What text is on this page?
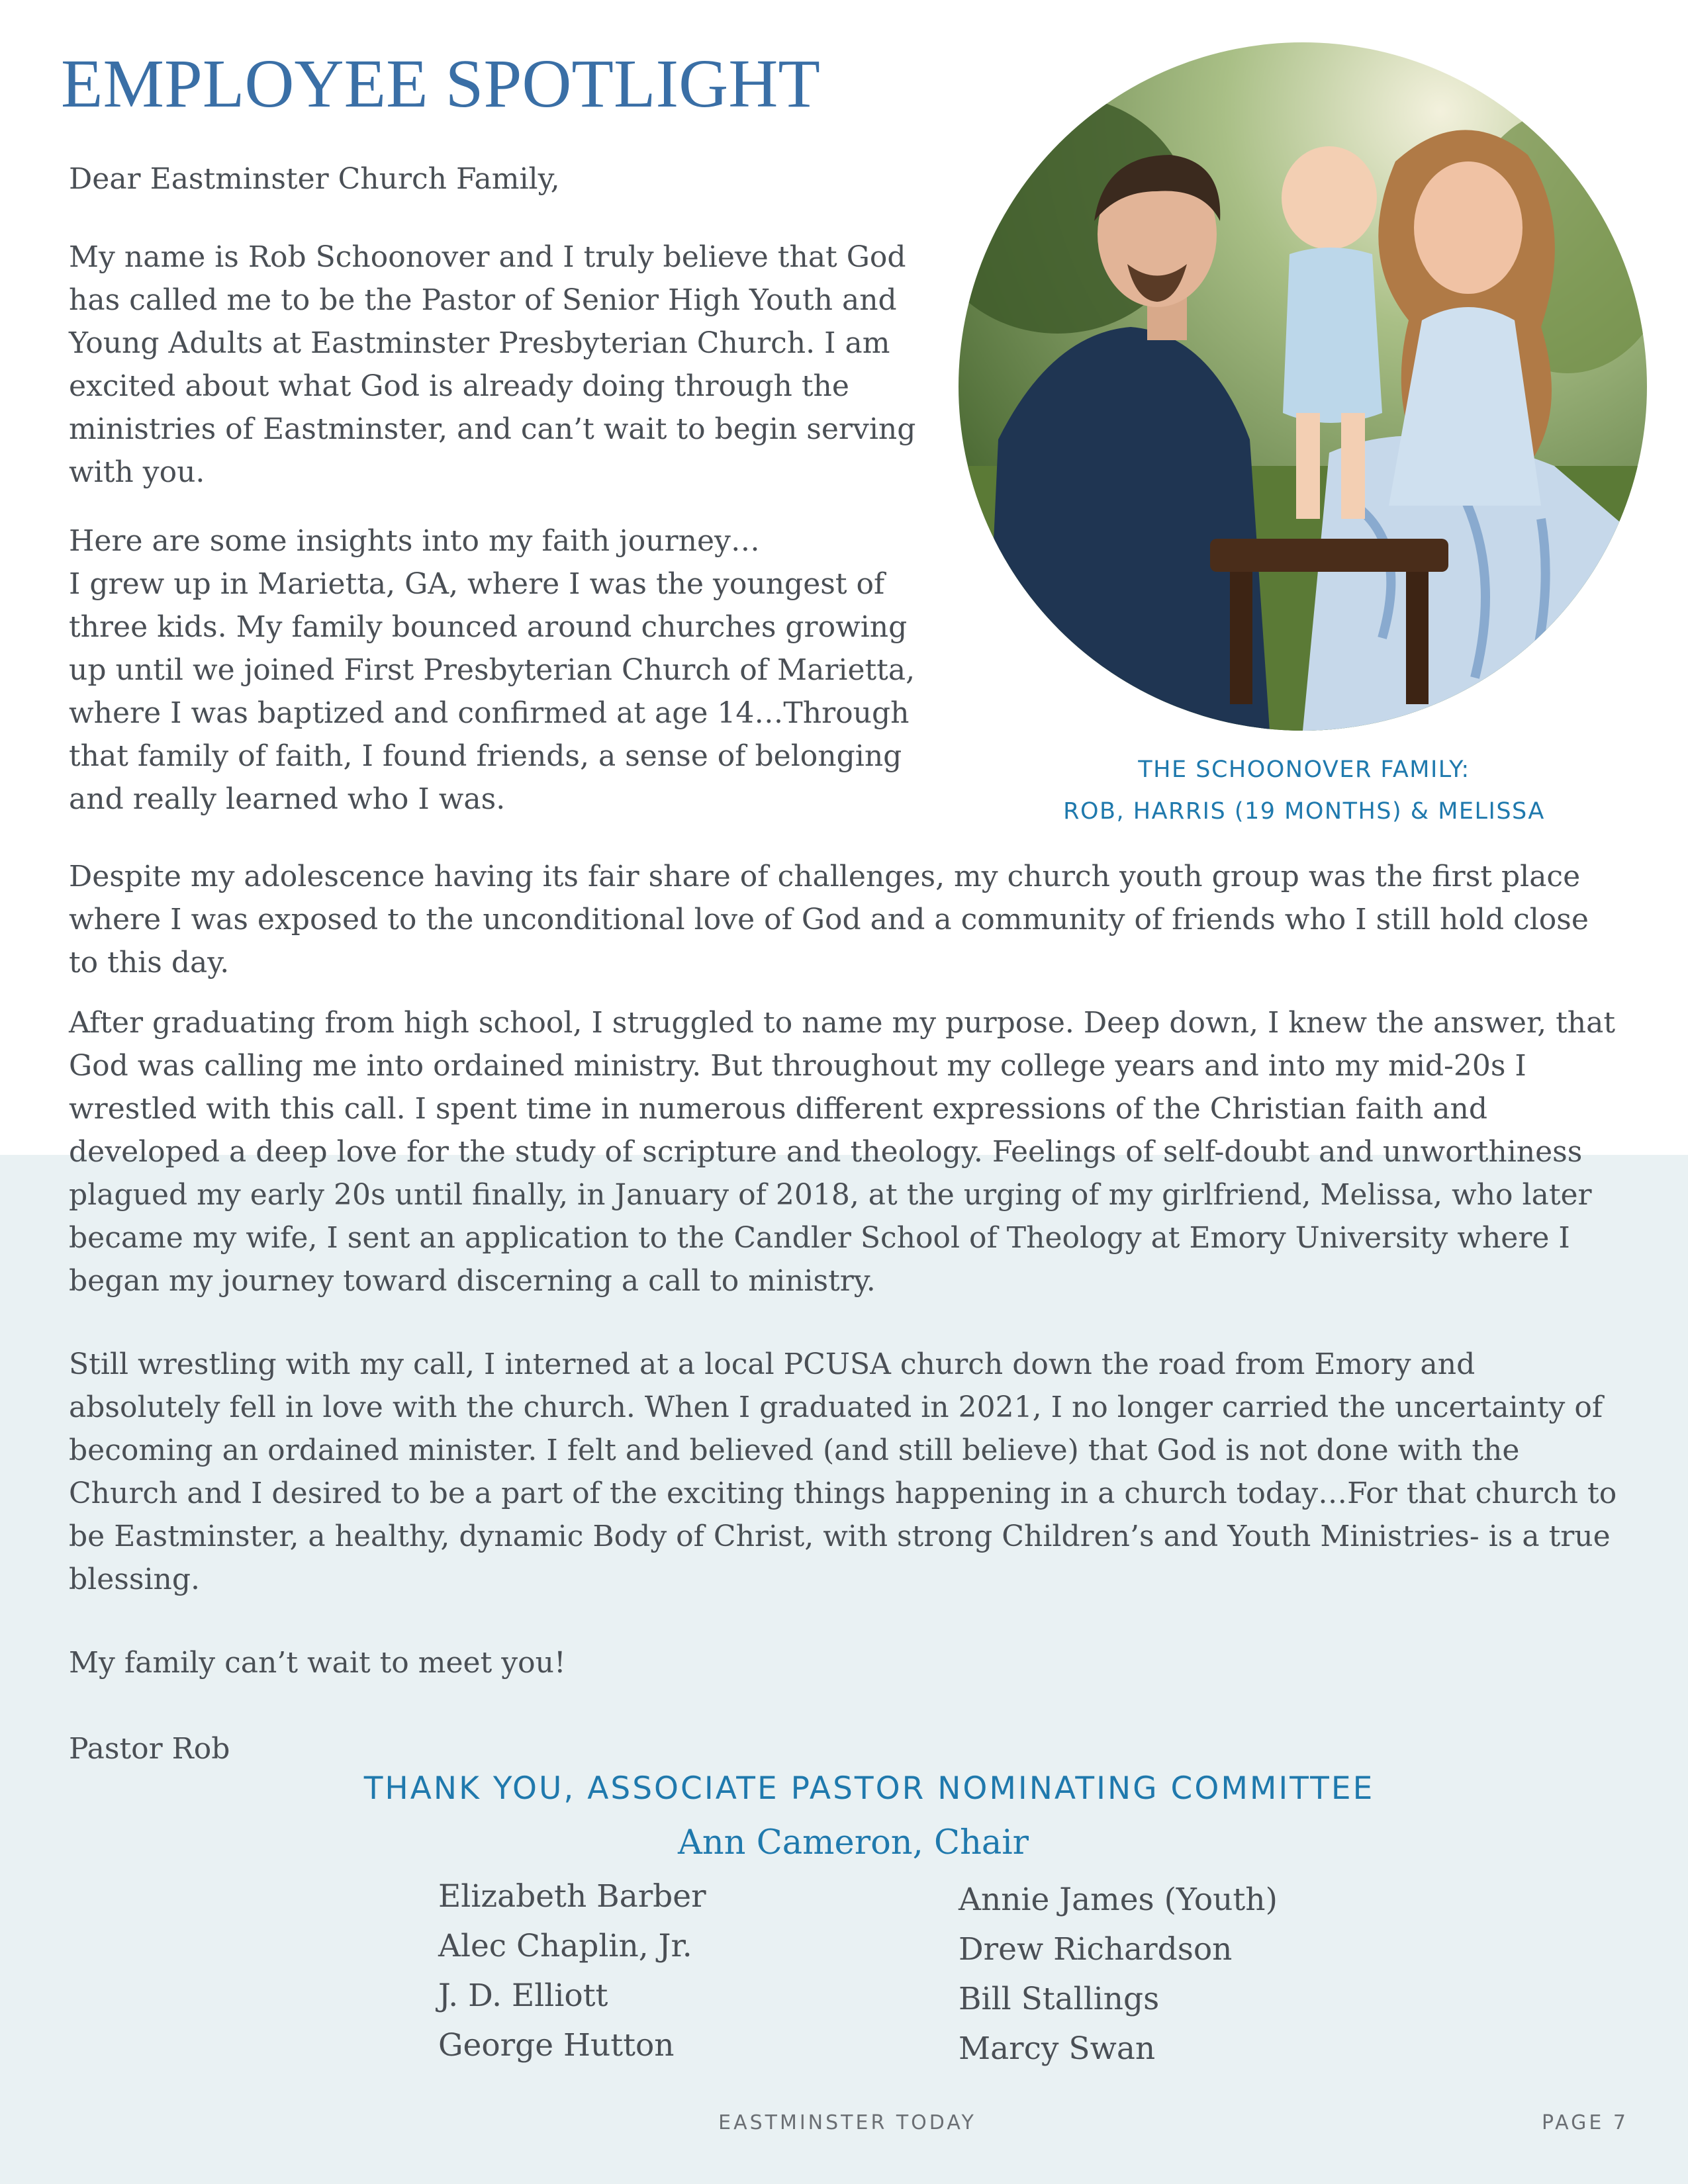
EMPLOYEE SPOTLIGHT
THE SCHOONOVER FAMILY:
ROB, HARRIS (19 MONTHS) & MELISSA

Dear Eastminster Church Family,

My name is Rob Schoonover and I truly believe that God has called me to be the Pastor of Senior High Youth and Young Adults at Eastminster Presbyterian Church. I am excited about what God is already doing through the ministries of Eastminster, and can’t wait to begin serving with you.

Here are some insights into my faith journey…
I grew up in Marietta, GA, where I was the youngest of three kids. My family bounced around churches growing up until we joined First Presbyterian Church of Marietta, where I was baptized and confirmed at age 14…Through that family of faith, I found friends, a sense of belonging and really learned who I was.

Despite my adolescence having its fair share of challenges, my church youth group was the first place where I was exposed to the unconditional love of God and a community of friends who I still hold close to this day.

After graduating from high school, I struggled to name my purpose. Deep down, I knew the answer, that God was calling me into ordained ministry. But throughout my college years and into my mid-20s I wrestled with this call. I spent time in numerous different expressions of the Christian faith and developed a deep love for the study of scripture and theology. Feelings of self-doubt and unworthiness plagued my early 20s until finally, in January of 2018, at the urging of my girlfriend, Melissa, who later became my wife, I sent an application to the Candler School of Theology at Emory University where I began my journey toward discerning a call to ministry.

Still wrestling with my call, I interned at a local PCUSA church down the road from Emory and absolutely fell in love with the church. When I graduated in 2021, I no longer carried the uncertainty of becoming an ordained minister. I felt and believed (and still believe) that God is not done with the Church and I desired to be a part of the exciting things happening in a church today…For that church to be Eastminster, a healthy, dynamic Body of Christ, with strong Children’s and Youth Ministries- is a true blessing.

My family can’t wait to meet you!

Pastor Rob

THANK YOU, ASSOCIATE PASTOR NOMINATING COMMITTEE
Ann Cameron, Chair
Elizabeth Barber
Alec Chaplin, Jr.
J. D. Elliott
George Hutton
Annie James (Youth)
Drew Richardson
Bill Stallings
Marcy Swan
EASTMINSTER TODAY	PAGE 7
